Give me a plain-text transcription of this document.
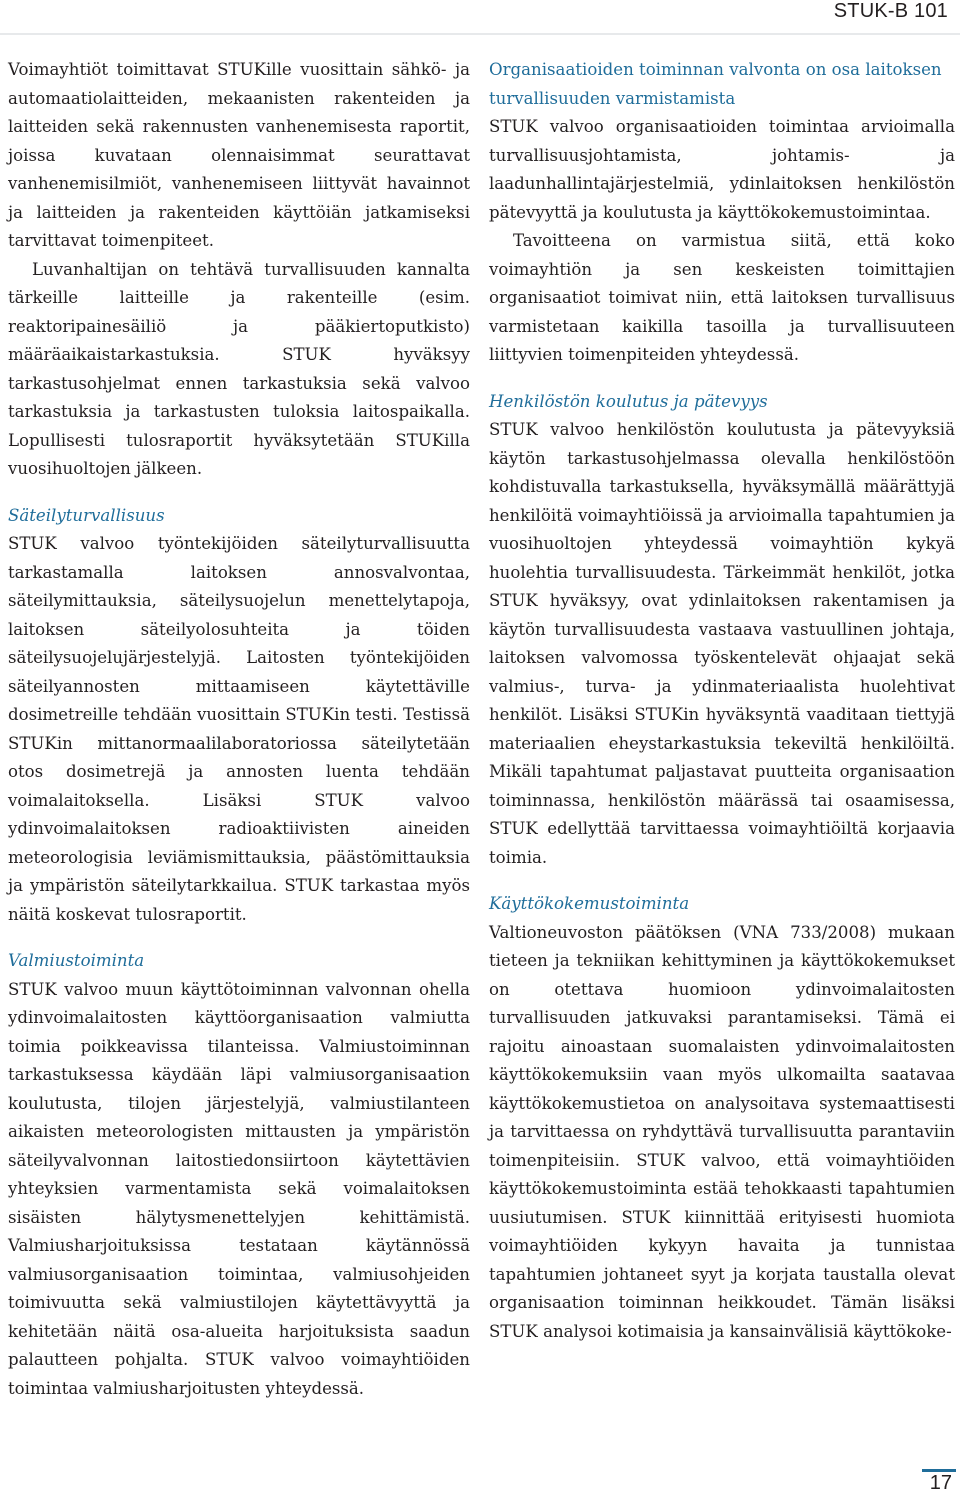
STUK-B 101

Voimayhtiöt toimittavat STUKille vuosittain sähkö- ja automaatiolaitteiden, mekaanisten rakenteiden ja laitteiden sekä rakennusten vanhenemisesta raportit, joissa kuvataan olennaisimmat seurattavat vanhenemisilmiöt, vanhenemiseen liittyvät havainnot ja laitteiden ja rakenteiden käyttöiän jatkamiseksi tarvittavat toimenpiteet.

Luvanhaltijan on tehtävä turvallisuuden kannalta tärkeille laitteille ja rakenteille (esim. reaktoripainesäiliö ja pääkiertoputkisto) määräaikaistarkastuksia. STUK hyväksyy tarkastusohjelmat ennen tarkastuksia sekä valvoo tarkastuksia ja tarkastusten tuloksia laitospaikalla. Lopullisesti tulosraportit hyväksytetään STUKilla vuosihuoltojen jälkeen.

Säteilyturvallisuus

STUK valvoo työntekijöiden säteilyturvallisuutta tarkastamalla laitoksen annosvalvontaa, säteilymittauksia, säteilysuojelun menettelytapoja, laitoksen säteilyolosuhteita ja töiden säteilysuojelujärjestelyjä. Laitosten työntekijöiden säteilyannosten mittaamiseen käytettäville dosimetreille tehdään vuosittain STUKin testi. Testissä STUKin mittanormaalilaboratoriossa säteilytetään otos dosimetrejä ja annosten luenta tehdään voimalaitoksella. Lisäksi STUK valvoo ydinvoimalaitoksen radioaktiivisten aineiden meteorologisia leviämismittauksia, päästömittauksia ja ympäristön säteilytarkkailua. STUK tarkastaa myös näitä koskevat tulosraportit.

Valmiustoiminta

STUK valvoo muun käyttötoiminnan valvonnan ohella ydinvoimalaitosten käyttöorganisaation valmiutta toimia poikkeavissa tilanteissa. Valmiustoiminnan tarkastuksessa käydään läpi valmiusorganisaation koulutusta, tilojen järjestelyjä, valmiustilanteen aikaisten meteorologisten mittausten ja ympäristön säteilyvalvonnan laitostiedonsiirtoon käytettävien yhteyksien varmentamista sekä voimalaitoksen sisäisten hälytysmenettelyjen kehittämistä. Valmiusharjoituksissa testataan käytännössä valmiusorganisaation toimintaa, valmiusohjeiden toimivuutta sekä valmiustilojen käytettävyyttä ja kehitetään näitä osa-alueita harjoituksista saadun palautteen pohjalta. STUK valvoo voimayhtiöiden toimintaa valmiusharjoitusten yhteydessä.

Organisaatioiden toiminnan valvonta on osa laitoksen turvallisuuden varmistamista

STUK valvoo organisaatioiden toimintaa arvioimalla turvallisuusjohtamista, johtamis- ja laadunhallintajärjestelmiä, ydinlaitoksen henkilöstön pätevyyttä ja koulutusta ja käyttökokemustoimintaa.

Tavoitteena on varmistua siitä, että koko voimayhtiön ja sen keskeisten toimittajien organisaatiot toimivat niin, että laitoksen turvallisuus varmistetaan kaikilla tasoilla ja turvallisuuteen liittyvien toimenpiteiden yhteydessä.

Henkilöstön koulutus ja pätevyys

STUK valvoo henkilöstön koulutusta ja pätevyyksiä käytön tarkastusohjelmassa olevalla henkilöstöön kohdistuvalla tarkastuksella, hyväksymällä määrättyjä henkilöitä voimayhtiöissä ja arvioimalla tapahtumien ja vuosihuoltojen yhteydessä voimayhtiön kykyä huolehtia turvallisuudesta. Tärkeimmät henkilöt, jotka STUK hyväksyy, ovat ydinlaitoksen rakentamisen ja käytön turvallisuudesta vastaava vastuullinen johtaja, laitoksen valvomossa työskentelevät ohjaajat sekä valmius-, turva- ja ydinmateriaalista huolehtivat henkilöt. Lisäksi STUKin hyväksyntä vaaditaan tiettyjä materiaalien eheystarkastuksia tekeviltä henkilöiltä. Mikäli tapahtumat paljastavat puutteita organisaation toiminnassa, henkilöstön määrässä tai osaamisessa, STUK edellyttää tarvittaessa voimayhtiöiltä korjaavia toimia.

Käyttökokemustoiminta

Valtioneuvoston päätöksen (VNA 733/2008) mukaan tieteen ja tekniikan kehittyminen ja käyttökokemukset on otettava huomioon ydinvoimalaitosten turvallisuuden jatkuvaksi parantamiseksi. Tämä ei rajoitu ainoastaan suomalaisten ydinvoimalaitosten käyttökokemuksiin vaan myös ulkomailta saatavaa käyttökokemustietoa on analysoitava systemaattisesti ja tarvittaessa on ryhdyttävä turvallisuutta parantaviin toimenpiteisiin. STUK valvoo, että voimayhtiöiden käyttökokemustoiminta estää tehokkaasti tapahtumien uusiutumisen. STUK kiinnittää erityisesti huomiota voimayhtiöiden kykyyn havaita ja tunnistaa tapahtumien johtaneet syyt ja korjata taustalla olevat organisaation toiminnan heikkoudet. Tämän lisäksi STUK analysoi kotimaisia ja kansainvälisiä käyttökoke-

17
